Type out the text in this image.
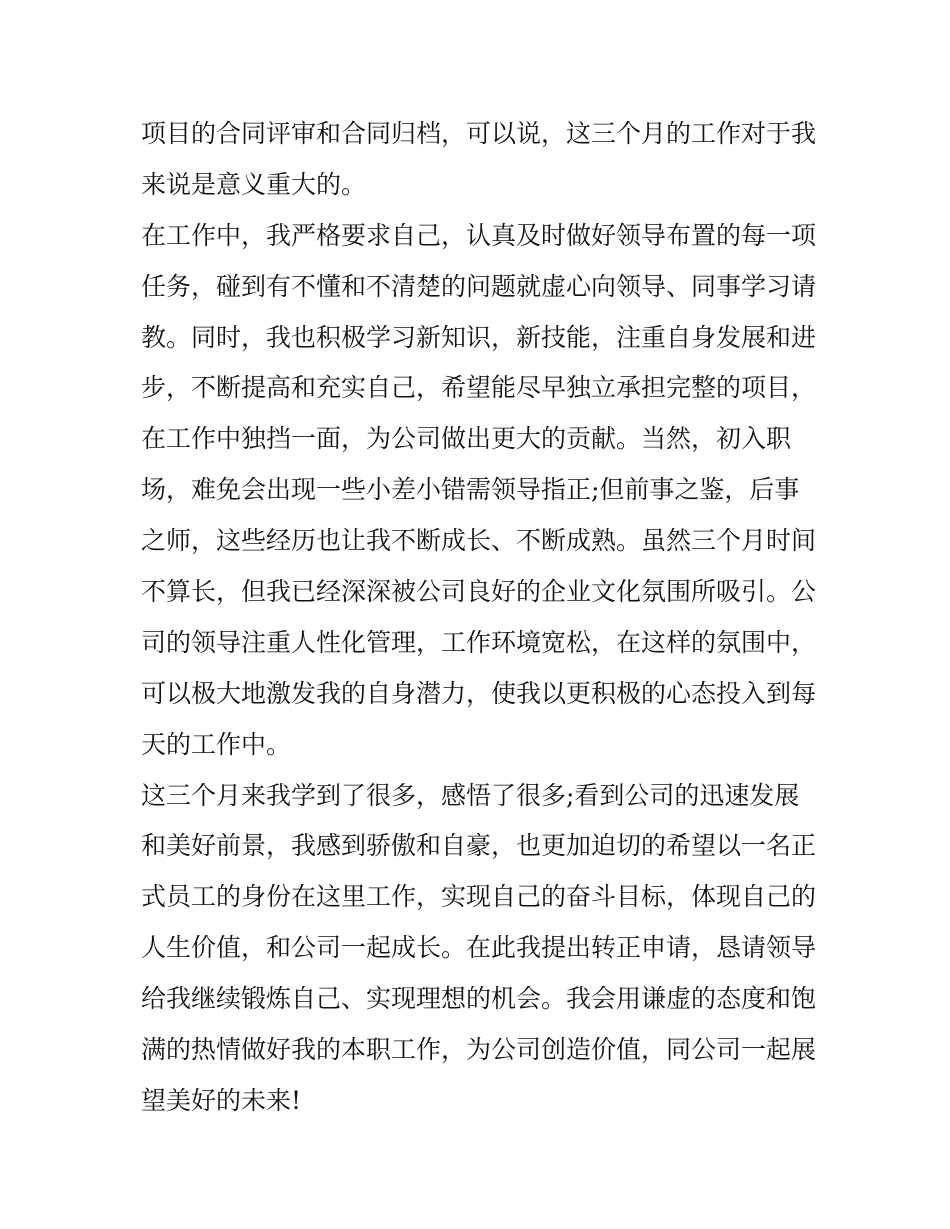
项目的合同评审和合同归档，可以说，这三个月的工作对于我
来说是意义重大的。
在工作中，我严格要求自己，认真及时做好领导布置的每一项
任务，碰到有不懂和不清楚的问题就虚心向领导、同事学习请
教。同时，我也积极学习新知识，新技能，注重自身发展和进
步，不断提高和充实自己，希望能尽早独立承担完整的项目，
在工作中独挡一面，为公司做出更大的贡献。当然，初入职
场，难免会出现一些小差小错需领导指正;但前事之鉴，后事
之师，这些经历也让我不断成长、不断成熟。虽然三个月时间
不算长，但我已经深深被公司良好的企业文化氛围所吸引。公
司的领导注重人性化管理，工作环境宽松，在这样的氛围中，
可以极大地激发我的自身潜力，使我以更积极的心态投入到每
天的工作中。
这三个月来我学到了很多，感悟了很多;看到公司的迅速发展
和美好前景，我感到骄傲和自豪，也更加迫切的希望以一名正
式员工的身份在这里工作，实现自己的奋斗目标，体现自己的
人生价值，和公司一起成长。在此我提出转正申请，恳请领导
给我继续锻炼自己、实现理想的机会。我会用谦虚的态度和饱
满的热情做好我的本职工作，为公司创造价值，同公司一起展
望美好的未来!
